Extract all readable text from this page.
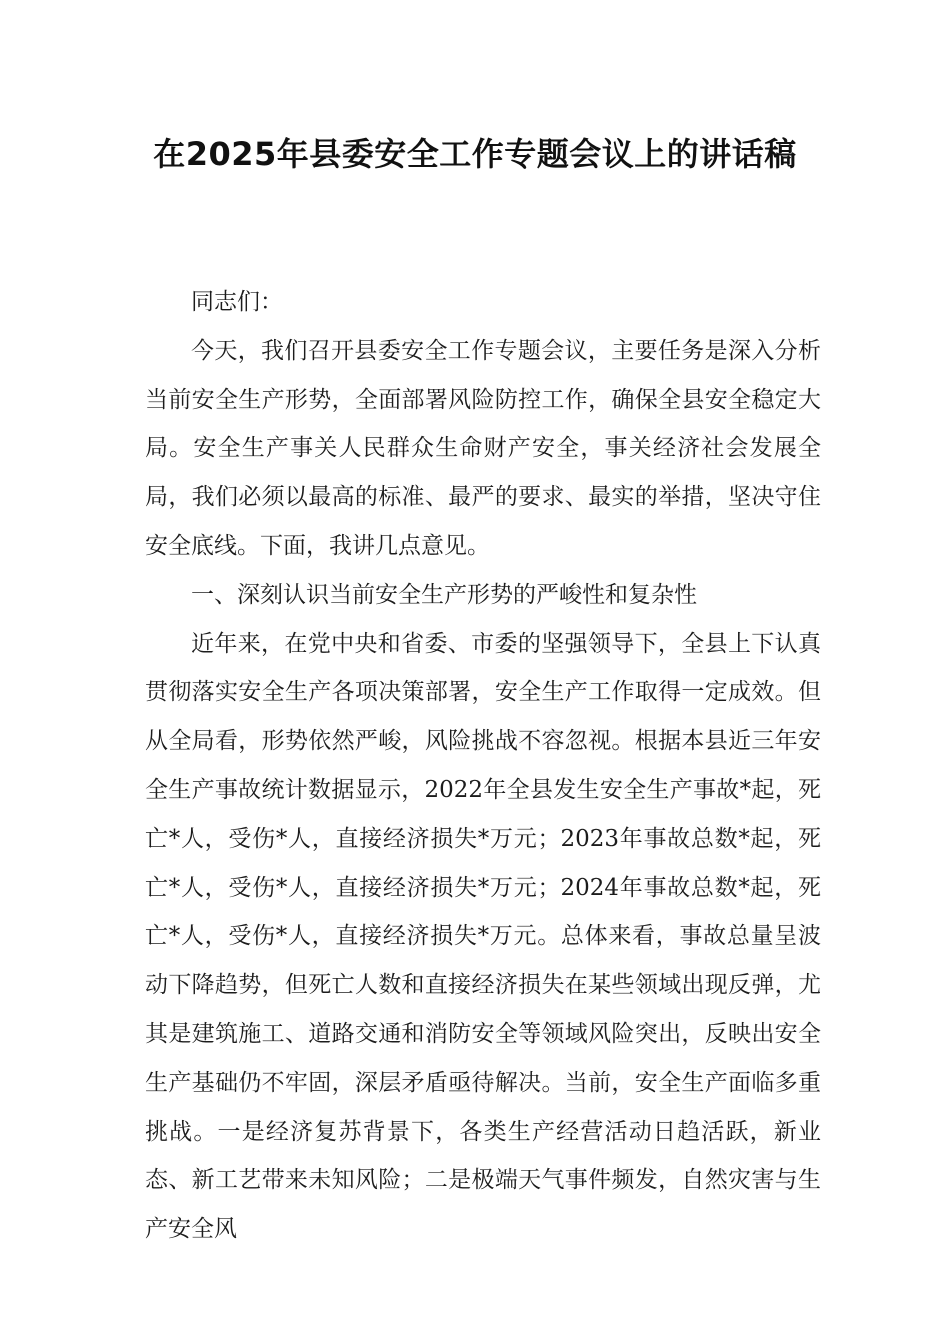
在2025年县委安全工作专题会议上的讲话稿

同志们：

今天，我们召开县委安全工作专题会议，主要任务是深入分析当前安全生产形势，全面部署风险防控工作，确保全县安全稳定大局。安全生产事关人民群众生命财产安全，事关经济社会发展全局，我们必须以最高的标准、最严的要求、最实的举措，坚决守住安全底线。下面，我讲几点意见。

一、深刻认识当前安全生产形势的严峻性和复杂性

近年来，在党中央和省委、市委的坚强领导下，全县上下认真贯彻落实安全生产各项决策部署，安全生产工作取得一定成效。但从全局看，形势依然严峻，风险挑战不容忽视。根据本县近三年安全生产事故统计数据显示，2022年全县发生安全生产事故*起，死亡*人，受伤*人，直接经济损失*万元；2023年事故总数*起，死亡*人，受伤*人，直接经济损失*万元；2024年事故总数*起，死亡*人，受伤*人，直接经济损失*万元。总体来看，事故总量呈波动下降趋势，但死亡人数和直接经济损失在某些领域出现反弹，尤其是建筑施工、道路交通和消防安全等领域风险突出，反映出安全生产基础仍不牢固，深层矛盾亟待解决。当前，安全生产面临多重挑战。一是经济复苏背景下，各类生产经营活动日趋活跃，新业态、新工艺带来未知风险；二是极端天气事件频发，自然灾害与生产安全风
